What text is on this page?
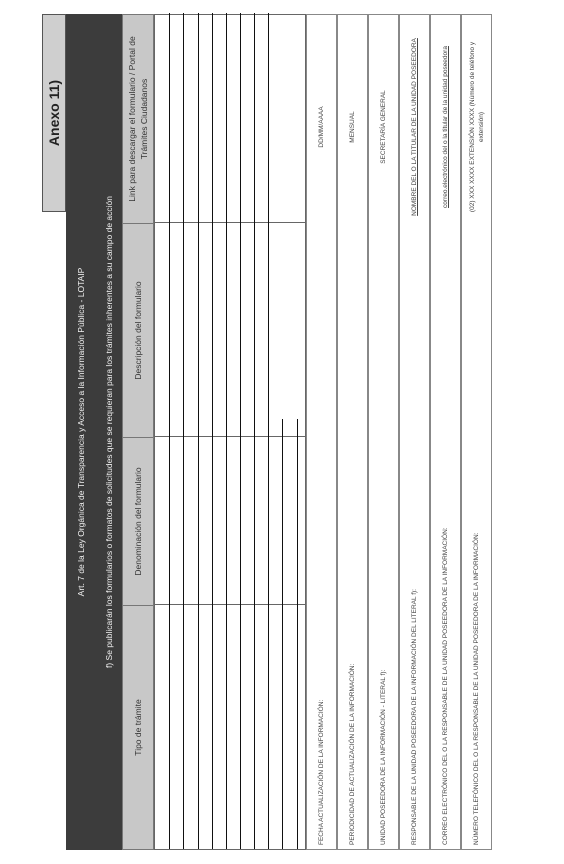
Anexo 11)
Art. 7 de la Ley Orgánica de Transparencia y Acceso a la Información Pública - LOTAIP f) Se publicarán los formularios o formatos de solicitudes que se requieran para los trámites inherentes a su campo de acción
Tipo de trámite
Denominación del formulario
Descripción del formulario
Link para descargar el formulario / Portal de Trámites Ciudadanos
FECHA ACTUALIZACIÓN DE LA INFORMACIÓN:
DD/MM/AAAA
PERIODICIDAD DE ACTUALIZACIÓN DE LA INFORMACIÓN:
MENSUAL
UNIDAD POSEEDORA DE LA INFORMACIÓN - LITERAL f):
SECRETARÍA GENERAL
RESPONSABLE DE LA UNIDAD POSEEDORA DE LA INFORMACIÓN DEL LITERAL f):
NOMBRE DEL O LA TITULAR DE LA UNIDAD POSEEDORA
CORREO ELECTRÓNICO DEL O LA RESPONSABLE DE LA UNIDAD POSEEDORA DE LA INFORMACIÓN:
correo.electrónico del o la titular de la unidad poseedora
NÚMERO TELEFÓNICO DEL O LA RESPONSABLE DE LA UNIDAD POSEEDORA DE LA INFORMACIÓN:
(02) XXX XXXX EXTENSIÓN XXXX (Número de teléfono y extensión)
